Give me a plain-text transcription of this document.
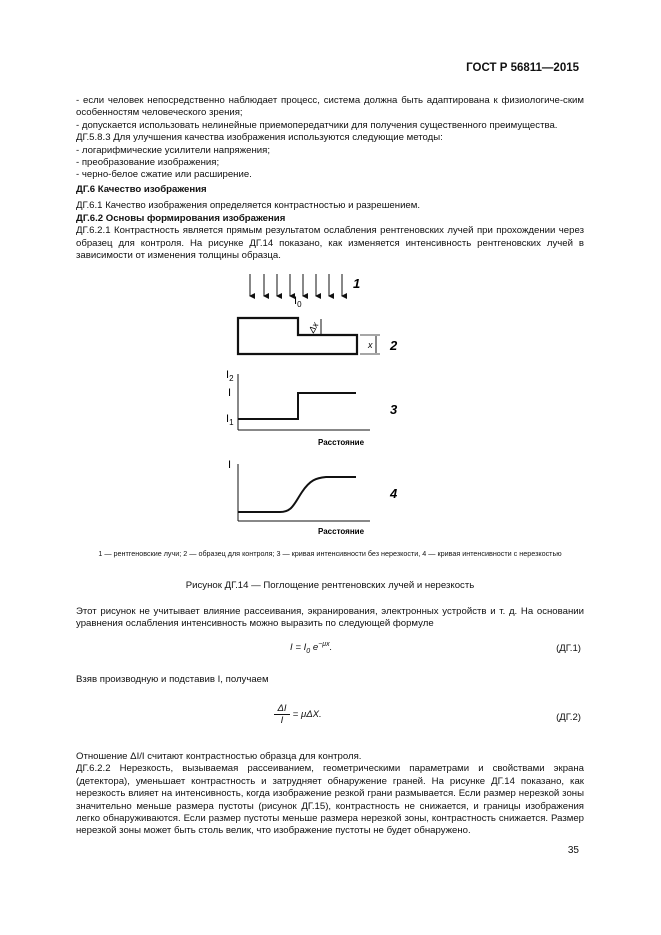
ГОСТ Р 56811—2015

- если человек непосредственно наблюдает процесс, система должна быть адаптирована к физиологиче-ским особенностям человеческого зрения;

- допускается использовать нелинейные приемопередатчики для получения существенного преимущества.

ДГ.5.8.3 Для улучшения качества изображения используются следующие методы:

- логарифмические усилители напряжения;

- преобразование изображения;

- черно-белое сжатие или расширение.

ДГ.6 Качество изображения

ДГ.6.1 Качество изображения определяется контрастностью и разрешением.

ДГ.6.2 Основы формирования изображения

ДГ.6.2.1 Контрастность является прямым результатом ослабления рентгеновских лучей при прохождении через образец для контроля. На рисунке ДГ.14 показано, как изменяется интенсивность рентгеновских лучей в зависимости от изменения толщины образца.

1
$I_0$
Δx
x 2
$I_2$
I
$I_1$
Расстояние
3
I
Расстояние
4
1 — рентгеновские лучи; 2 — образец для контроля; 3 — кривая интенсивности без нерезкости, 4 — кривая интенсивности с нерезкостью
Рисунок ДГ.14 — Поглощение рентгеновских лучей и нерезкость

Этот рисунок не учитывает влияние рассеивания, экранирования, электронных устройств и т. д. На основании уравнения ослабления интенсивность можно выразить по следующей формуле

$I = I_0$ $e^{-\mu x}$.	(ДГ.1)

Взяв производную и подставив I, получаем

$\frac{\Delta I}{I} = \mu\Delta X$.	(ДГ.2)

Отношение ΔI/I считают контрастностью образца для контроля.

ДГ.6.2.2 Нерезкость, вызываемая рассеиванием, геометрическими параметрами и свойствами экрана (детектора), уменьшает контрастность и затрудняет обнаружение граней. На рисунке ДГ.14 показано, как нерезкость влияет на интенсивность, когда изображение резкой грани размывается. Если размер нерезкой зоны значительно меньше размера пустоты (рисунок ДГ.15), контрастность не снижается, и границы изображения легко обнаруживаются. Если размер пустоты меньше размера нерезкой зоны, контрастность снижается. Размер нерезкой зоны может быть столь велик, что изображение пустоты не будет обнаружено.

35
